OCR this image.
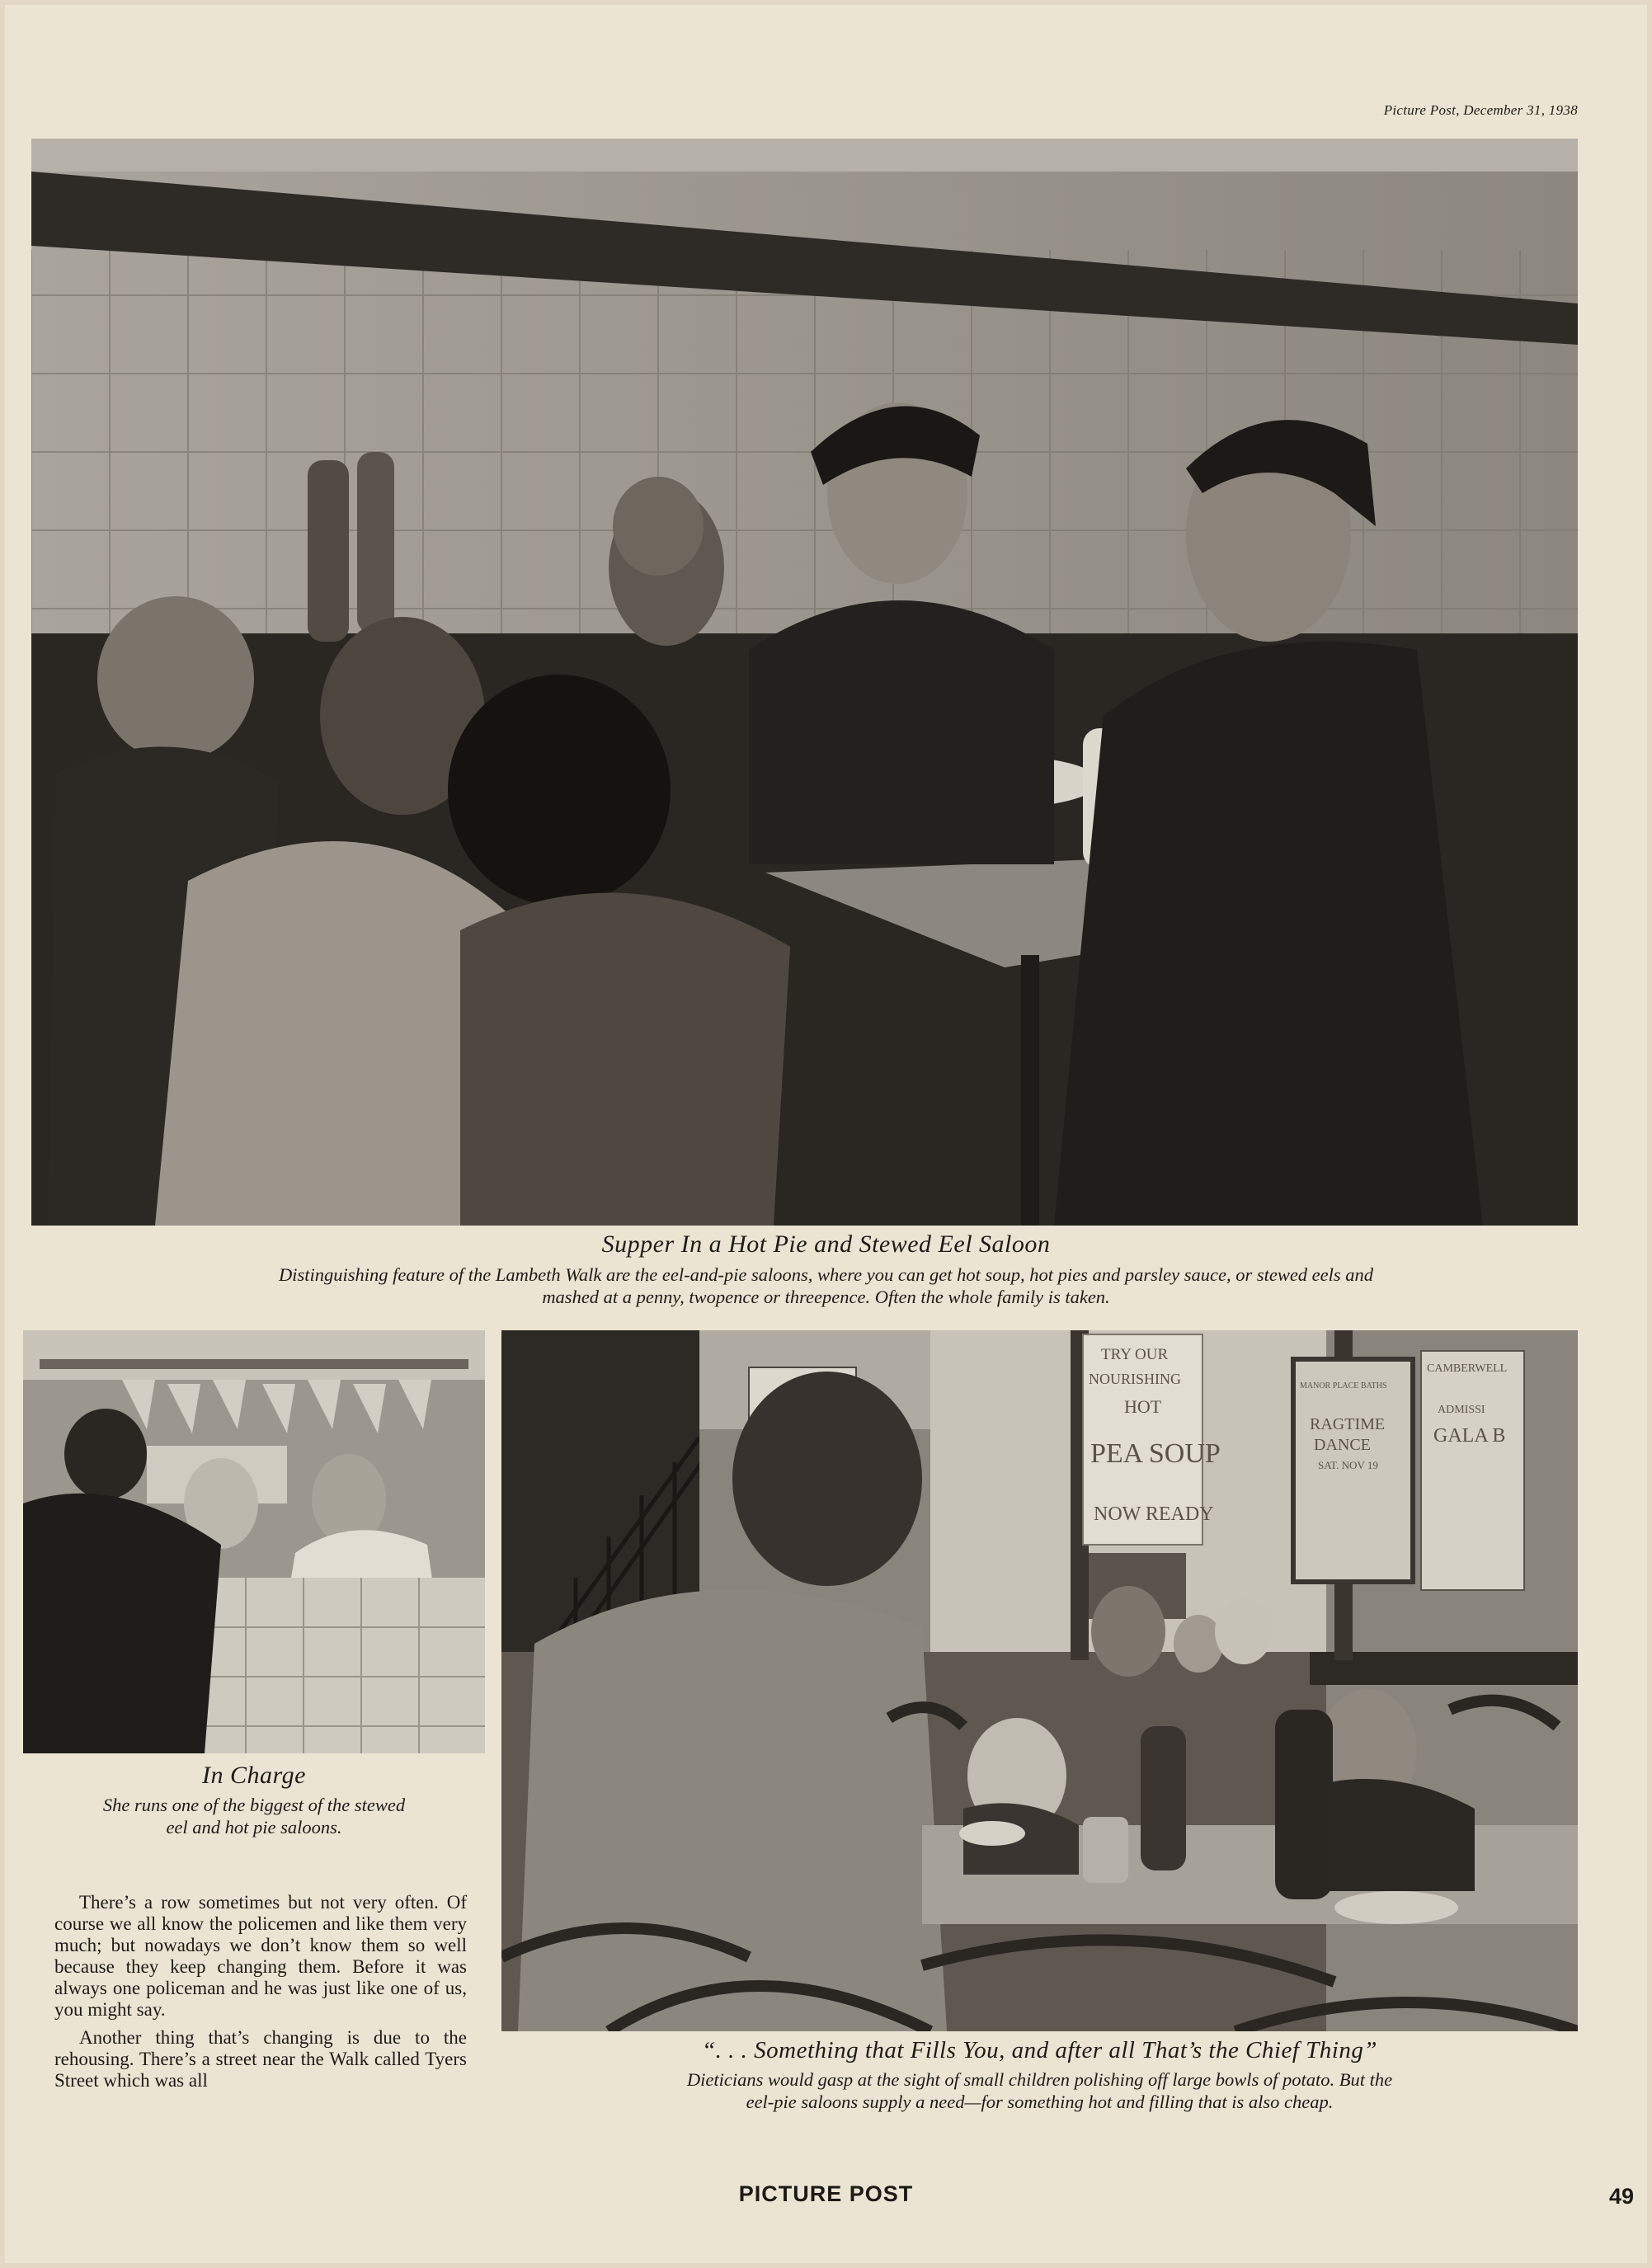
Picture Post, December 31, 1938
Supper In a Hot Pie and Stewed Eel Saloon
Distinguishing feature of the Lambeth Walk are the eel-and-pie saloons, where you can get hot soup, hot pies and parsley sauce, or stewed eels and
mashed at a penny, twopence or threepence. Often the whole family is taken.
In Charge
She runs one of the biggest of the stewed
eel and hot pie saloons.

There’s a row sometimes but not very often. Of course we all know the policemen and like them very much; but nowadays we don’t know them so well because they keep changing them. Before it was always one policeman and he was just like one of us, you might say.

Another thing that’s changing is due to the rehousing. There’s a street near the Walk called Tyers Street which was all

TRY OUR
NOURISHING
HOT
PEA SOUP
NOW READY
MANOR PLACE BATHS
RAGTIME
DANCE
SAT. NOV 19
CAMBERWELL
ADMISSI
GALA B
“. . . Something that Fills You, and after all That’s the Chief Thing”
Dieticians would gasp at the sight of small children polishing off large bowls of potato. But the
eel-pie saloons supply a need—for something hot and filling that is also cheap.
PICTURE POST	49
